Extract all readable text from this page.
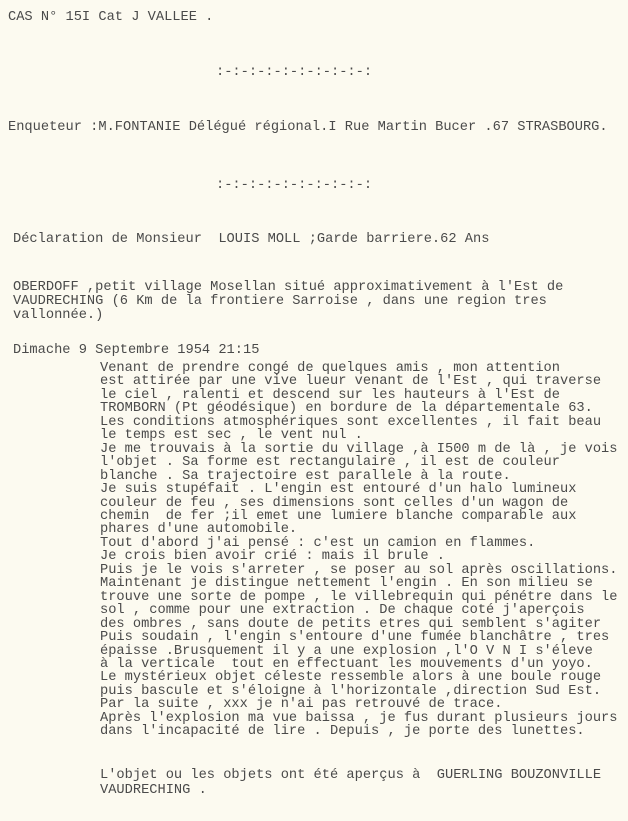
CAS N° 15I Cat J VALLEE .
:-:-:-:-:-:-:-:-:-:
Enqueteur :M.FONTANIE Délégué régional.I Rue Martin Bucer .67 STRASBOURG.
:-:-:-:-:-:-:-:-:-:
Déclaration de Monsieur  LOUIS MOLL ;Garde barriere.62 Ans
OBERDOFF ,petit village Mosellan situé approximativement à l'Est de
VAUDRECHING (6 Km de la frontiere Sarroise , dans une region tres
vallonnée.)
Dimache 9 Septembre 1954 21:15
Venant de prendre congé de quelques amis , mon attention
est attirée par une vive lueur venant de l'Est , qui traverse
le ciel , ralenti et descend sur les hauteurs à l'Est de
TROMBORN (Pt géodésique) en bordure de la départementale 63.
Les conditions atmosphériques sont excellentes , il fait beau
le temps est sec , le vent nul .
Je me trouvais à la sortie du village ,à I500 m de là , je vois
l'objet . Sa forme est rectangulaire , il est de couleur
blanche . Sa trajectoire est parallele à la route.
Je suis stupéfait . L'engin est entouré d'un halo lumineux
couleur de feu , ses dimensions sont celles d'un wagon de
chemin  de fer ;il emet une lumiere blanche comparable aux
phares d'une automobile.
Tout d'abord j'ai pensé : c'est un camion en flammes.
Je crois bien avoir crié : mais il brule .
Puis je le vois s'arreter , se poser au sol après oscillations.
Maintenant je distingue nettement l'engin . En son milieu se
trouve une sorte de pompe , le villebrequin qui pénétre dans le
sol , comme pour une extraction . De chaque coté j'aperçois
des ombres , sans doute de petits etres qui semblent s'agiter
Puis soudain , l'engin s'entoure d'une fumée blanchâtre , tres
épaisse .Brusquement il y a une explosion ,l'O V N I s'éleve
à la verticale  tout en effectuant les mouvements d'un yoyo.
Le mystérieux objet céleste ressemble alors à une boule rouge
puis bascule et s'éloigne à l'horizontale ,direction Sud Est.
Par la suite , xxx je n'ai pas retrouvé de trace.
Après l'explosion ma vue baissa , je fus durant plusieurs jours
dans l'incapacité de lire . Depuis , je porte des lunettes.
L'objet ou les objets ont été aperçus à  GUERLING BOUZONVILLE
VAUDRECHING .
